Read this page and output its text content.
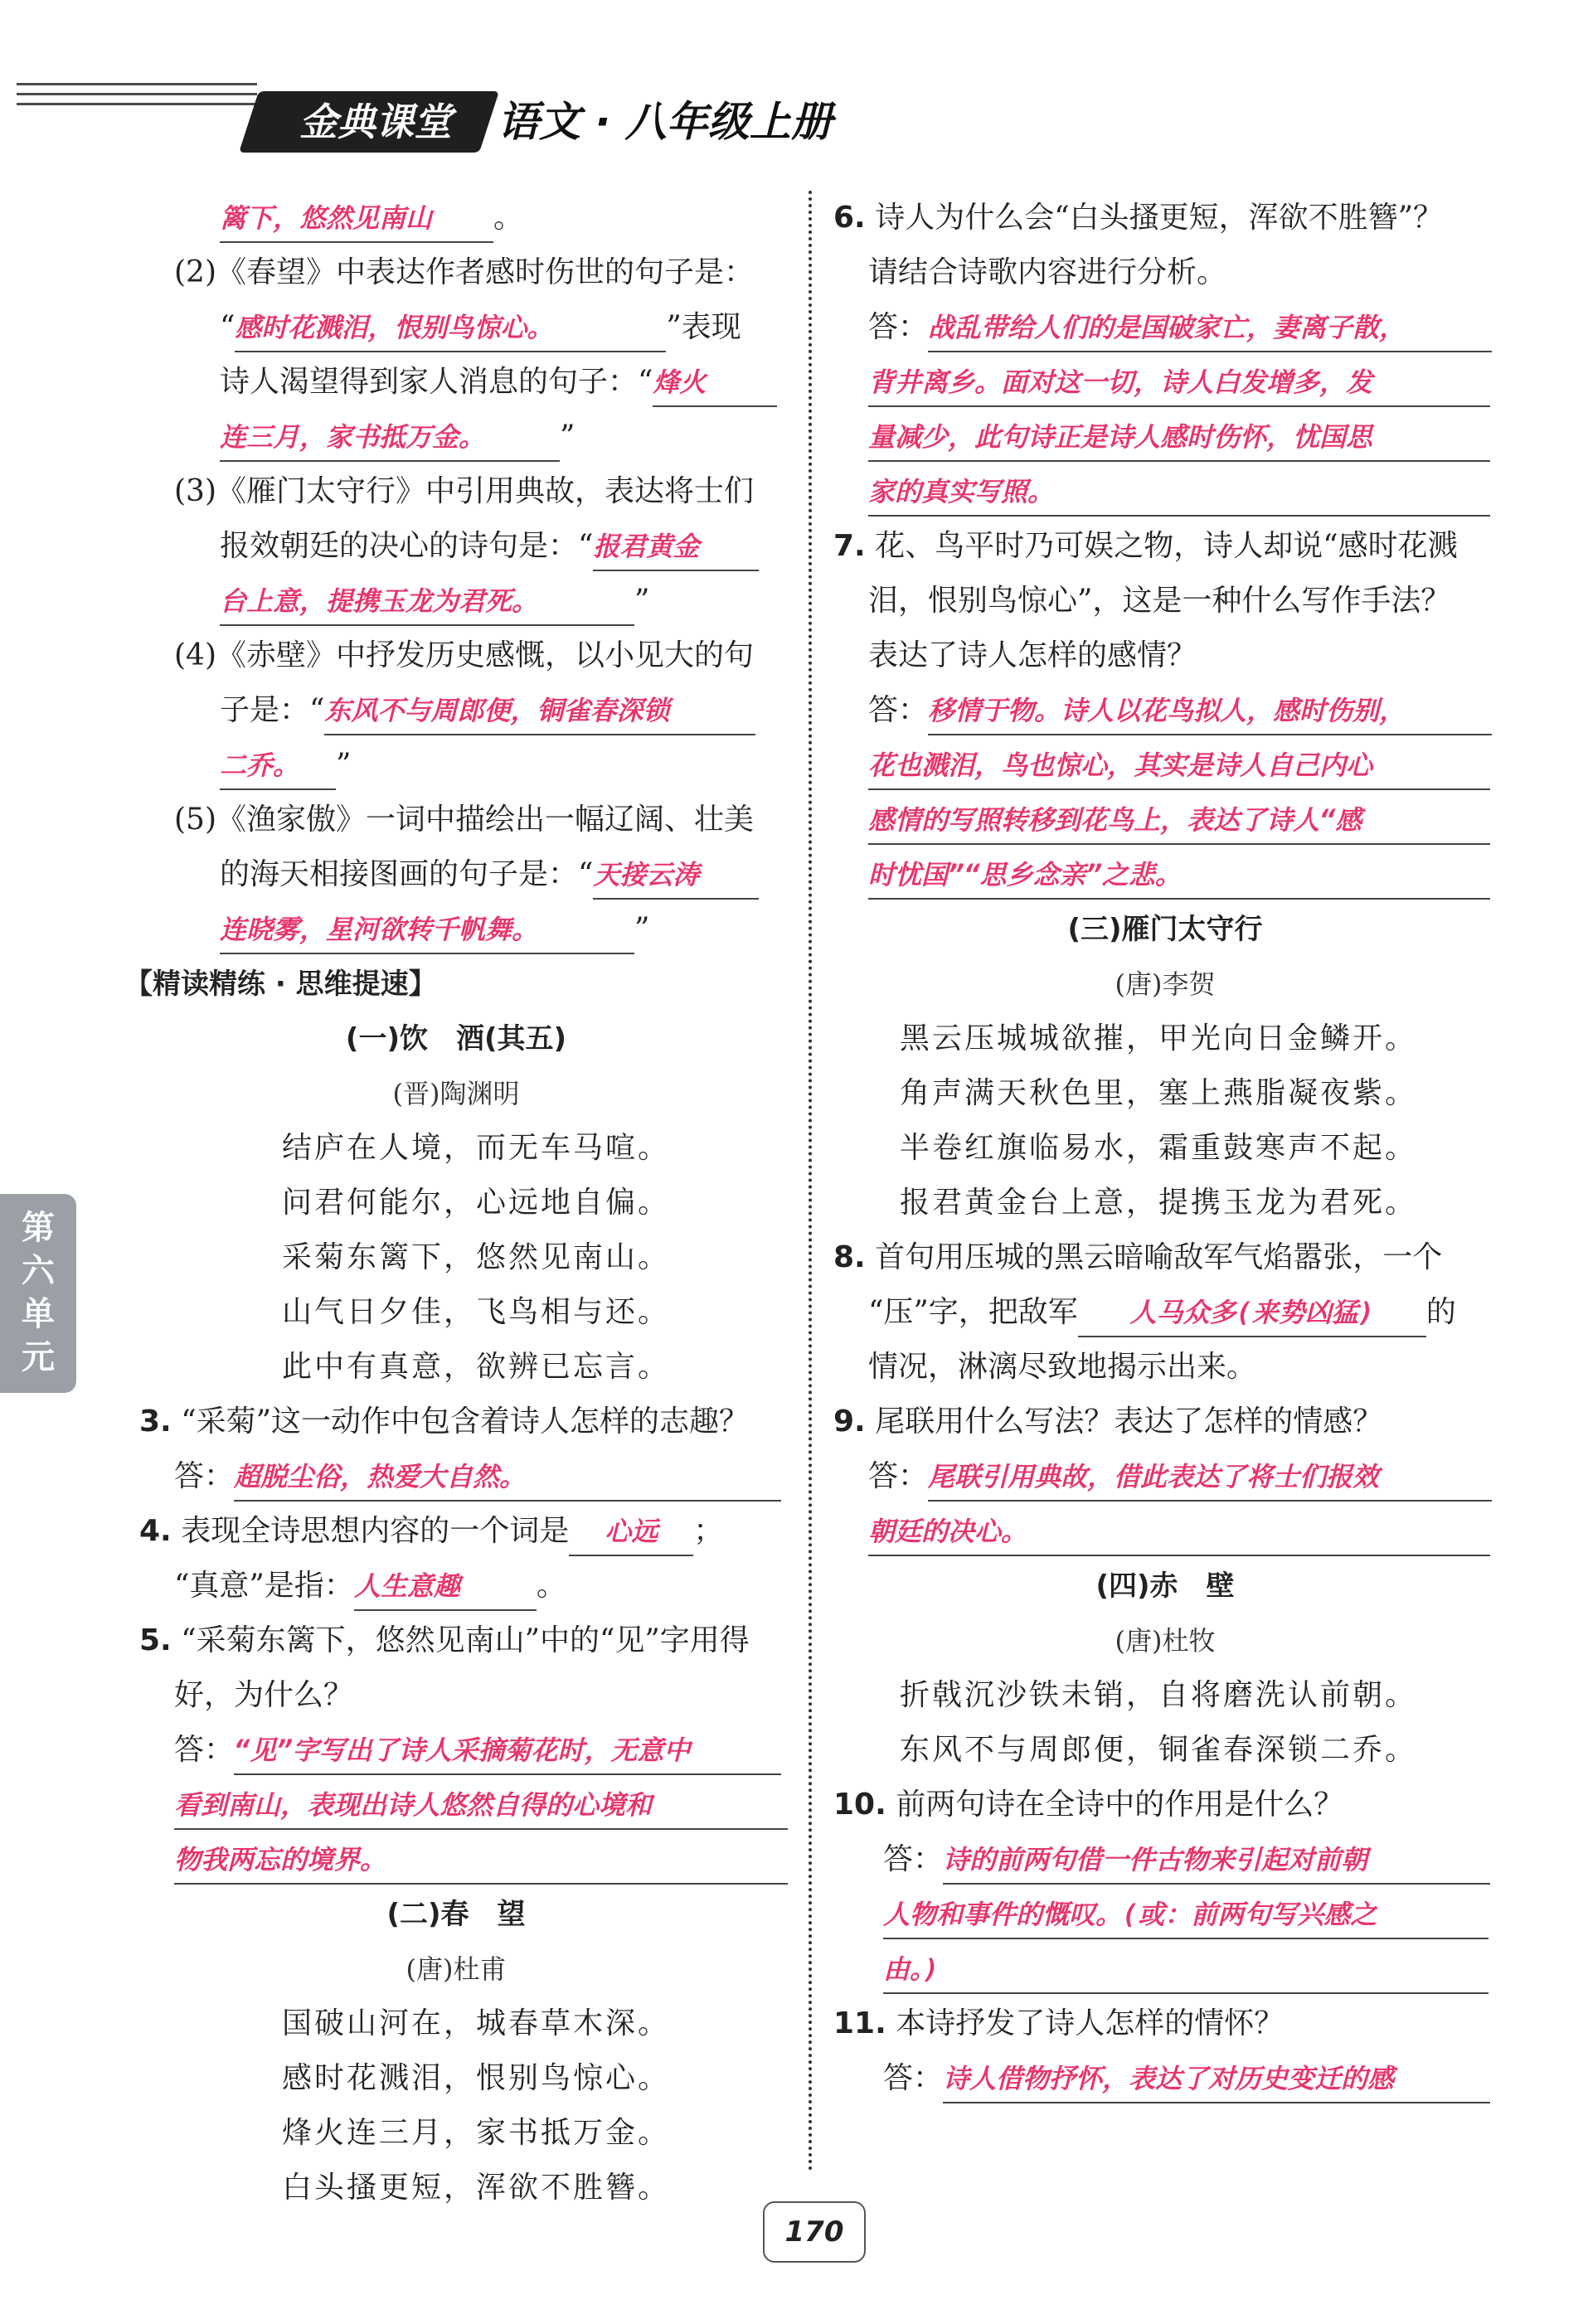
金典课堂	语文 · 八年级上册
第六单元
篱下，悠然见南山 。
(2)《春望》中表达作者感时伤世的句子是：
“感时花溅泪，恨别鸟惊心。	”表现
诗人渴望得到家人消息的句子：“烽火
连三月，家书抵万金。 ”
(3)《雁门太守行》中引用典故，表达将士们
报效朝廷的决心的诗句是：“报君黄金
台上意，提携玉龙为君死。	”
(4)《赤壁》中抒发历史感慨，以小见大的句
子是：“东风不与周郎便，铜雀春深锁
二乔。 ”
(5)《渔家傲》一词中描绘出一幅辽阔、壮美
的海天相接图画的句子是：“天接云涛
连晓雾，星河欲转千帆舞。	”
【精读精练 · 思维提速】
(一)饮　酒(其五)
(晋)陶渊明
结庐在人境，而无车马喧。
问君何能尔，心远地自偏。
采菊东篱下，悠然见南山。
山气日夕佳，飞鸟相与还。
此中有真意，欲辨已忘言。
3. “采菊”这一动作中包含着诗人怎样的志趣？
答：超脱尘俗，热爱大自然。
4. 表现全诗思想内容的一个词是 心远 ；
“真意”是指：人生意趣	。
5. “采菊东篱下，悠然见南山”中的“见”字用得
好，为什么？
答：“见”字写出了诗人采摘菊花时，无意中
看到南山，表现出诗人悠然自得的心境和
物我两忘的境界。
(二)春　望
(唐)杜甫
国破山河在，城春草木深。
感时花溅泪，恨别鸟惊心。
烽火连三月，家书抵万金。
白头搔更短，浑欲不胜簪。
6. 诗人为什么会“白头搔更短，浑欲不胜簪”？
请结合诗歌内容进行分析。
答：战乱带给人们的是国破家亡，妻离子散，
背井离乡。面对这一切，诗人白发增多，发
量减少，此句诗正是诗人感时伤怀，忧国思
家的真实写照。
7. 花、鸟平时乃可娱之物，诗人却说“感时花溅
泪，恨别鸟惊心”，这是一种什么写作手法？
表达了诗人怎样的感情？
答：移情于物。诗人以花鸟拟人，感时伤别，
花也溅泪，鸟也惊心，其实是诗人自己内心
感情的写照转移到花鸟上，表达了诗人“感
时忧国”“思乡念亲”之悲。
(三)雁门太守行
(唐)李贺
黑云压城城欲摧，甲光向日金鳞开。
角声满天秋色里，塞上燕脂凝夜紫。
半卷红旗临易水，霜重鼓寒声不起。
报君黄金台上意，提携玉龙为君死。
8. 首句用压城的黑云暗喻敌军气焰嚣张，一个
“压”字，把敌军 人马众多(来势凶猛) 的
情况，淋漓尽致地揭示出来。
9. 尾联用什么写法？表达了怎样的情感？
答：尾联引用典故，借此表达了将士们报效
朝廷的决心。
(四)赤　壁
(唐)杜牧
折戟沉沙铁未销，自将磨洗认前朝。
东风不与周郎便，铜雀春深锁二乔。
10. 前两句诗在全诗中的作用是什么？
答：诗的前两句借一件古物来引起对前朝
人物和事件的慨叹。(或：前两句写兴感之
由。)
11. 本诗抒发了诗人怎样的情怀？
答：诗人借物抒怀，表达了对历史变迁的感
170
